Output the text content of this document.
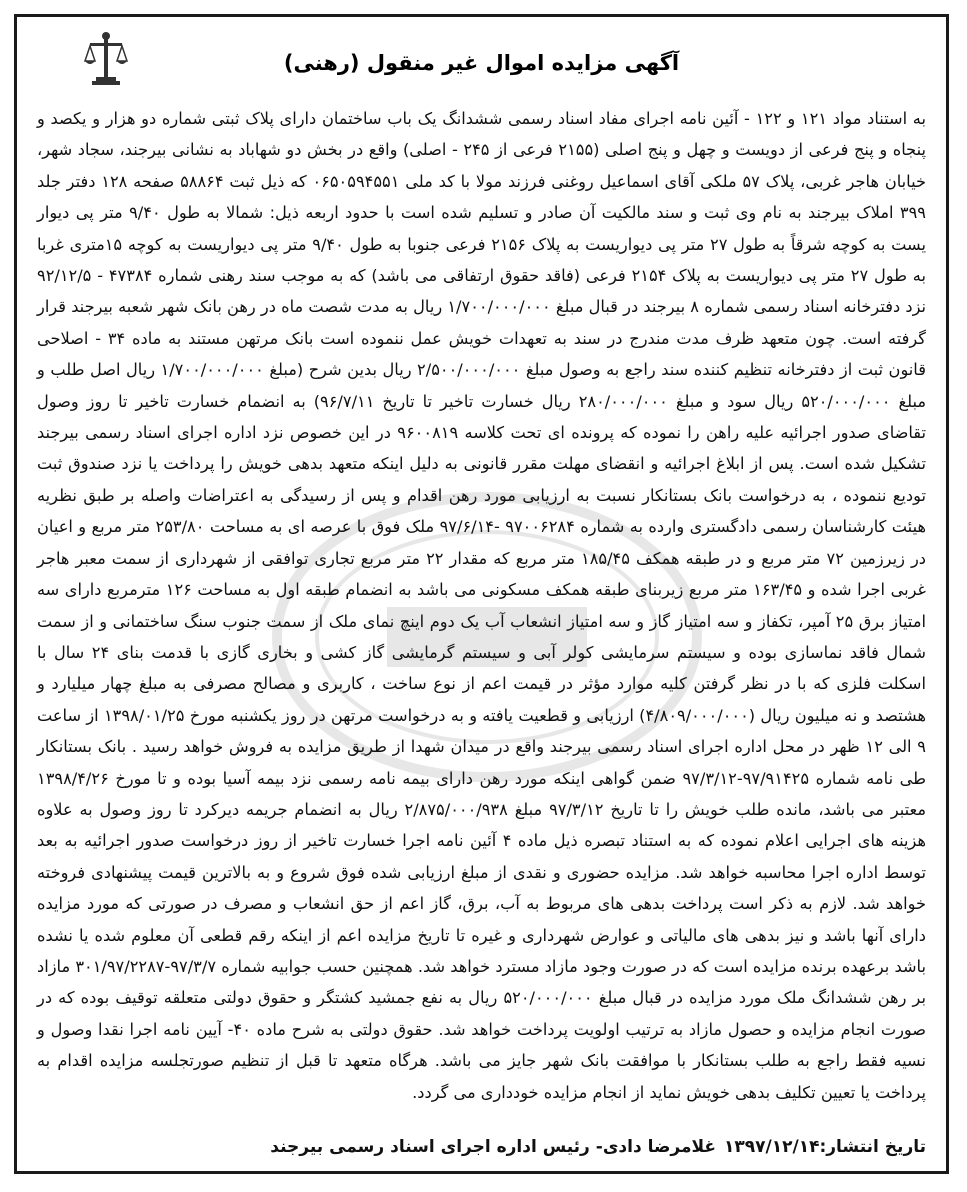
آگهی مزایده اموال غیر منقول (رهنی)

به استناد مواد ۱۲۱ و ۱۲۲ - آئین نامه اجرای مفاد اسناد رسمی ششدانگ یک باب ساختمان دارای پلاک ثبتی شماره دو هزار و یکصد و پنجاه و پنج فرعی از دویست و چهل و پنج اصلی (۲۱۵۵ فرعی از ۲۴۵ - اصلی) واقع در بخش دو شهاباد به نشانی بیرجند، سجاد شهر، خیابان هاجر غربی، پلاک ۵۷ ملکی آقای اسماعیل روغنی فرزند مولا با کد ملی ۰۶۵۰۵۹۴۵۵۱ که ذیل ثبت ۵۸۸۶۴ صفحه ۱۲۸ دفتر جلد ۳۹۹ املاک بیرجند به نام وی ثبت و سند مالکیت آن صادر و تسلیم شده است با حدود اربعه ذیل: شمالا به طول ۹/۴۰ متر پی دیوار یست به کوچه شرقاً به طول ۲۷ متر پی دیواریست به پلاک ۲۱۵۶ فرعی جنوبا به طول ۹/۴۰ متر پی دیواریست به کوچه ۱۵متری غربا به طول ۲۷ متر پی دیواریست به پلاک ۲۱۵۴ فرعی (فاقد حقوق ارتفاقی می باشد) که به موجب سند رهنی شماره ۴۷۳۸۴ - ۹۲/۱۲/۵ نزد دفترخانه اسناد رسمی شماره ۸ بیرجند در قبال مبلغ ۱/۷۰۰/۰۰۰/۰۰۰ ریال به مدت شصت ماه در رهن بانک شهر شعبه بیرجند قرار گرفته است. چون متعهد ظرف مدت مندرج در سند به تعهدات خویش عمل ننموده است بانک مرتهن مستند به ماده ۳۴ - اصلاحی قانون ثبت از دفترخانه تنظیم کننده سند راجع به وصول مبلغ ۲/۵۰۰/۰۰۰/۰۰۰ ریال بدین شرح (مبلغ ۱/۷۰۰/۰۰۰/۰۰۰ ریال اصل طلب و مبلغ ۵۲۰/۰۰۰/۰۰۰ ریال سود و مبلغ ۲۸۰/۰۰۰/۰۰۰ ریال خسارت تاخیر تا تاریخ ۹۶/۷/۱۱) به انضمام خسارت تاخیر تا روز وصول تقاضای صدور اجرائیه علیه راهن را نموده که پرونده ای تحت کلاسه ۹۶۰۰۸۱۹ در این خصوص نزد اداره اجرای اسناد رسمی بیرجند تشکیل شده است. پس از ابلاغ اجرائیه و انقضای مهلت مقرر قانونی به دلیل اینکه متعهد بدهی خویش را پرداخت یا نزد صندوق ثبت تودیع ننموده ، به درخواست بانک بستانکار نسبت به ارزیابی مورد رهن اقدام و پس از رسیدگی به اعتراضات واصله بر طبق نظریه هیئت کارشناسان رسمی دادگستری وارده به شماره ۹۷۰۰۶۲۸۴ -۹۷/۶/۱۴ ملک فوق با عرصه ای به مساحت ۲۵۳/۸۰ متر مربع و اعیان در زیرزمین ۷۲ متر مربع و در طبقه همکف ۱۸۵/۴۵ متر مربع که مقدار ۲۲ متر مربع تجاری توافقی از شهرداری از سمت معبر هاجر غربی اجرا شده و ۱۶۳/۴۵ متر مربع زیربنای طبقه همکف مسکونی می باشد به انضمام طبقه اول به مساحت ۱۲۶ مترمربع دارای سه امتیاز برق ۲۵ آمپر، تکفاز و سه امتیاز گاز و سه امتیاز انشعاب آب یک دوم اینچ نمای ملک از سمت جنوب سنگ ساختمانی و از سمت شمال فاقد نماسازی بوده و سیستم سرمایشی کولر آبی و سیستم گرمایشی گاز کشی و بخاری گازی با قدمت بنای ۲۴ سال با اسکلت فلزی که با در نظر گرفتن کلیه موارد مؤثر در قیمت اعم از نوع ساخت ، کاربری و مصالح مصرفی به مبلغ چهار میلیارد و هشتصد و نه میلیون ریال (۴/۸۰۹/۰۰۰/۰۰۰) ارزیابی و قطعیت یافته و به درخواست مرتهن در روز یکشنبه مورخ ۱۳۹۸/۰۱/۲۵ از ساعت ۹ الی ۱۲ ظهر در محل اداره اجرای اسناد رسمی بیرجند واقع در میدان شهدا از طریق مزایده به فروش خواهد رسید . بانک بستانکار طی نامه شماره ۹۷/۹۱۴۲۵-۹۷/۳/۱۲ ضمن گواهی اینکه مورد رهن دارای بیمه نامه رسمی نزد بیمه آسیا بوده و تا مورخ ۱۳۹۸/۴/۲۶ معتبر می باشد، مانده طلب خویش را تا تاریخ ۹۷/۳/۱۲ مبلغ ۲/۸۷۵/۰۰۰/۹۳۸ ریال به انضمام جریمه دیرکرد تا روز وصول به علاوه هزینه های اجرایی اعلام نموده که به استناد تبصره ذیل ماده ۴ آئین نامه اجرا خسارت تاخیر از روز درخواست صدور اجرائیه به بعد توسط اداره اجرا محاسبه خواهد شد. مزایده حضوری و نقدی از مبلغ ارزیابی شده فوق شروع و به بالاترین قیمت پیشنهادی فروخته خواهد شد. لازم به ذکر است پرداخت بدهی های مربوط به آب، برق، گاز اعم از حق انشعاب و مصرف در صورتی که مورد مزایده دارای آنها باشد و نیز بدهی های مالیاتی و عوارض شهرداری و غیره تا تاریخ مزایده اعم از اینکه رقم قطعی آن معلوم شده یا نشده باشد برعهده برنده مزایده است که در صورت وجود مازاد مسترد خواهد شد. همچنین حسب جوابیه شماره ۹۷/۳/۷-۳۰۱/۹۷/۲۲۸۷ مازاد بر رهن ششدانگ ملک مورد مزایده در قبال مبلغ ۵۲۰/۰۰۰/۰۰۰ ریال به نفع جمشید کشتگر و حقوق دولتی متعلقه توقیف بوده که در صورت انجام مزایده و حصول مازاد به ترتیب اولویت پرداخت خواهد شد. حقوق دولتی به شرح ماده ۴۰- آیین نامه اجرا نقدا وصول و نسیه فقط راجع به طلب بستانکار با موافقت بانک شهر جایز می باشد. هرگاه متعهد تا قبل از تنظیم صورتجلسه مزایده اقدام به پرداخت یا تعیین تکلیف بدهی خویش نماید از انجام مزایده خودداری می گردد.

تاریخ انتشار:۱۳۹۷/۱۲/۱۴
غلامرضا دادی- رئیس اداره اجرای اسناد رسمی بیرجند
